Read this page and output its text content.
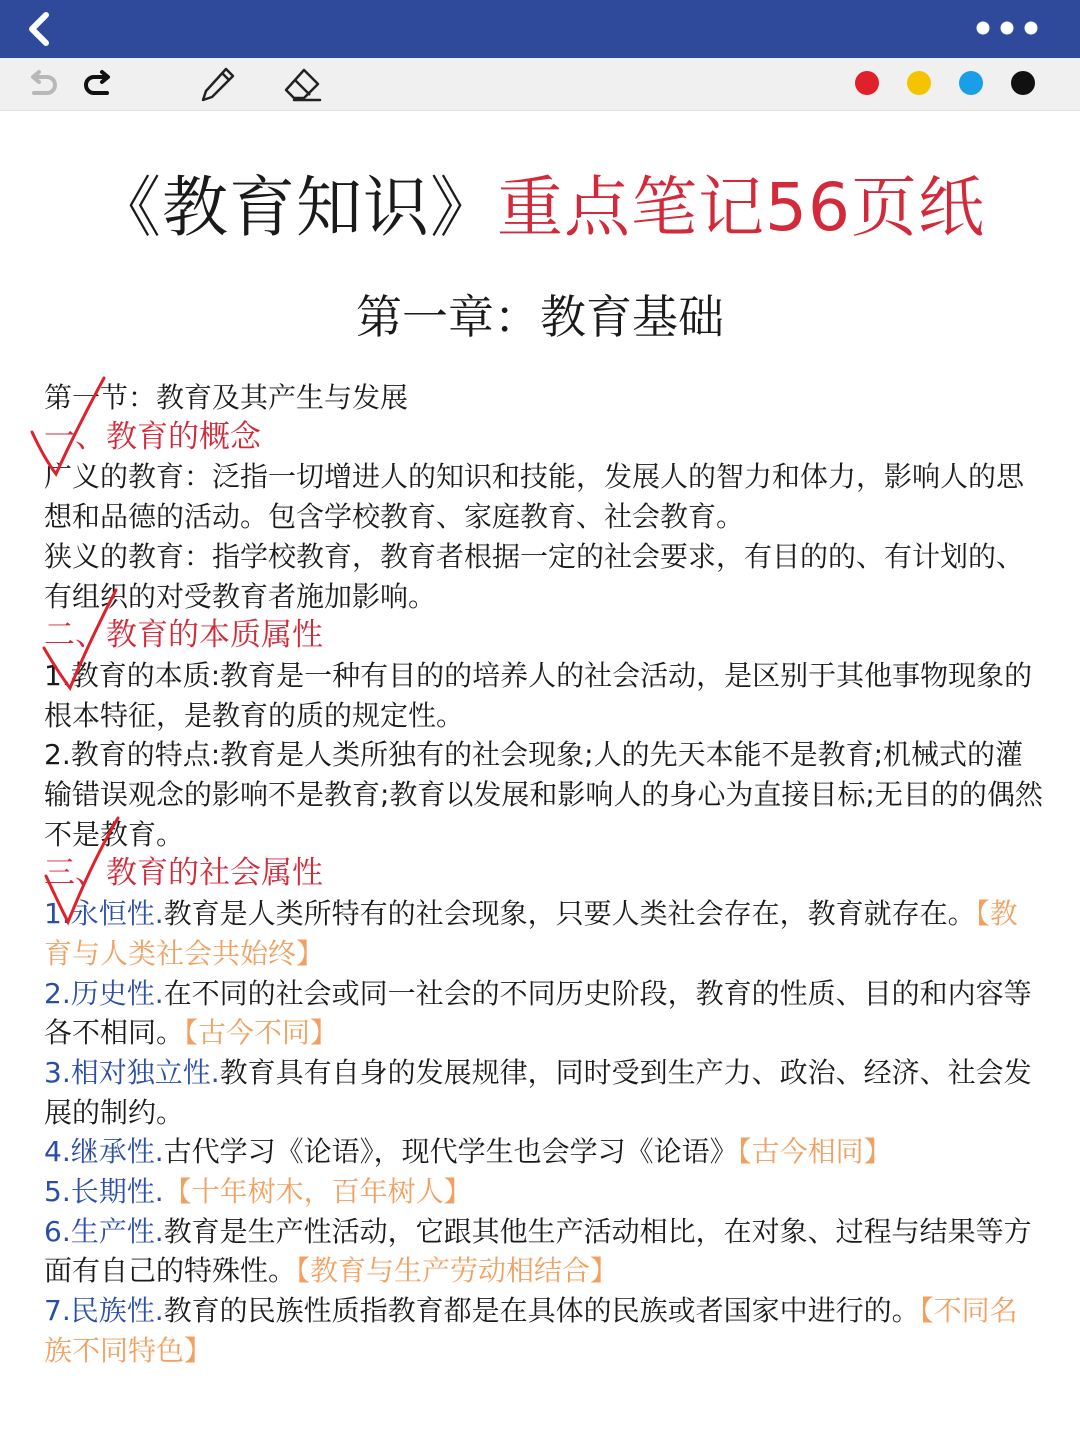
《教育知识》重点笔记56页纸
第一章：教育基础

第一节：教育及其产生与发展

一、教育的概念

广义的教育：泛指一切增进人的知识和技能，发展人的智力和体力，影响人的思想和品德的活动。包含学校教育、家庭教育、社会教育。

狭义的教育：指学校教育，教育者根据一定的社会要求，有目的的、有计划的、有组织的对受教育者施加影响。

二、教育的本质属性

1.教育的本质:教育是一种有目的的培养人的社会活动，是区别于其他事物现象的根本特征，是教育的质的规定性。

2.教育的特点:教育是人类所独有的社会现象;人的先天本能不是教育;机械式的灌输错误观念的影响不是教育;教育以发展和影响人的身心为直接目标;无目的的偶然不是教育。

三、教育的社会属性

1.永恒性.教育是人类所特有的社会现象，只要人类社会存在，教育就存在。【教育与人类社会共始终】

2.历史性.在不同的社会或同一社会的不同历史阶段，教育的性质、目的和内容等各不相同。【古今不同】

3.相对独立性.教育具有自身的发展规律，同时受到生产力、政治、经济、社会发展的制约。

4.继承性.古代学习《论语》，现代学生也会学习《论语》【古今相同】

5.长期性.【十年树木，百年树人】

6.生产性.教育是生产性活动，它跟其他生产活动相比，在对象、过程与结果等方面有自己的特殊性。【教育与生产劳动相结合】

7.民族性.教育的民族性质指教育都是在具体的民族或者国家中进行的。【不同名族不同特色】
